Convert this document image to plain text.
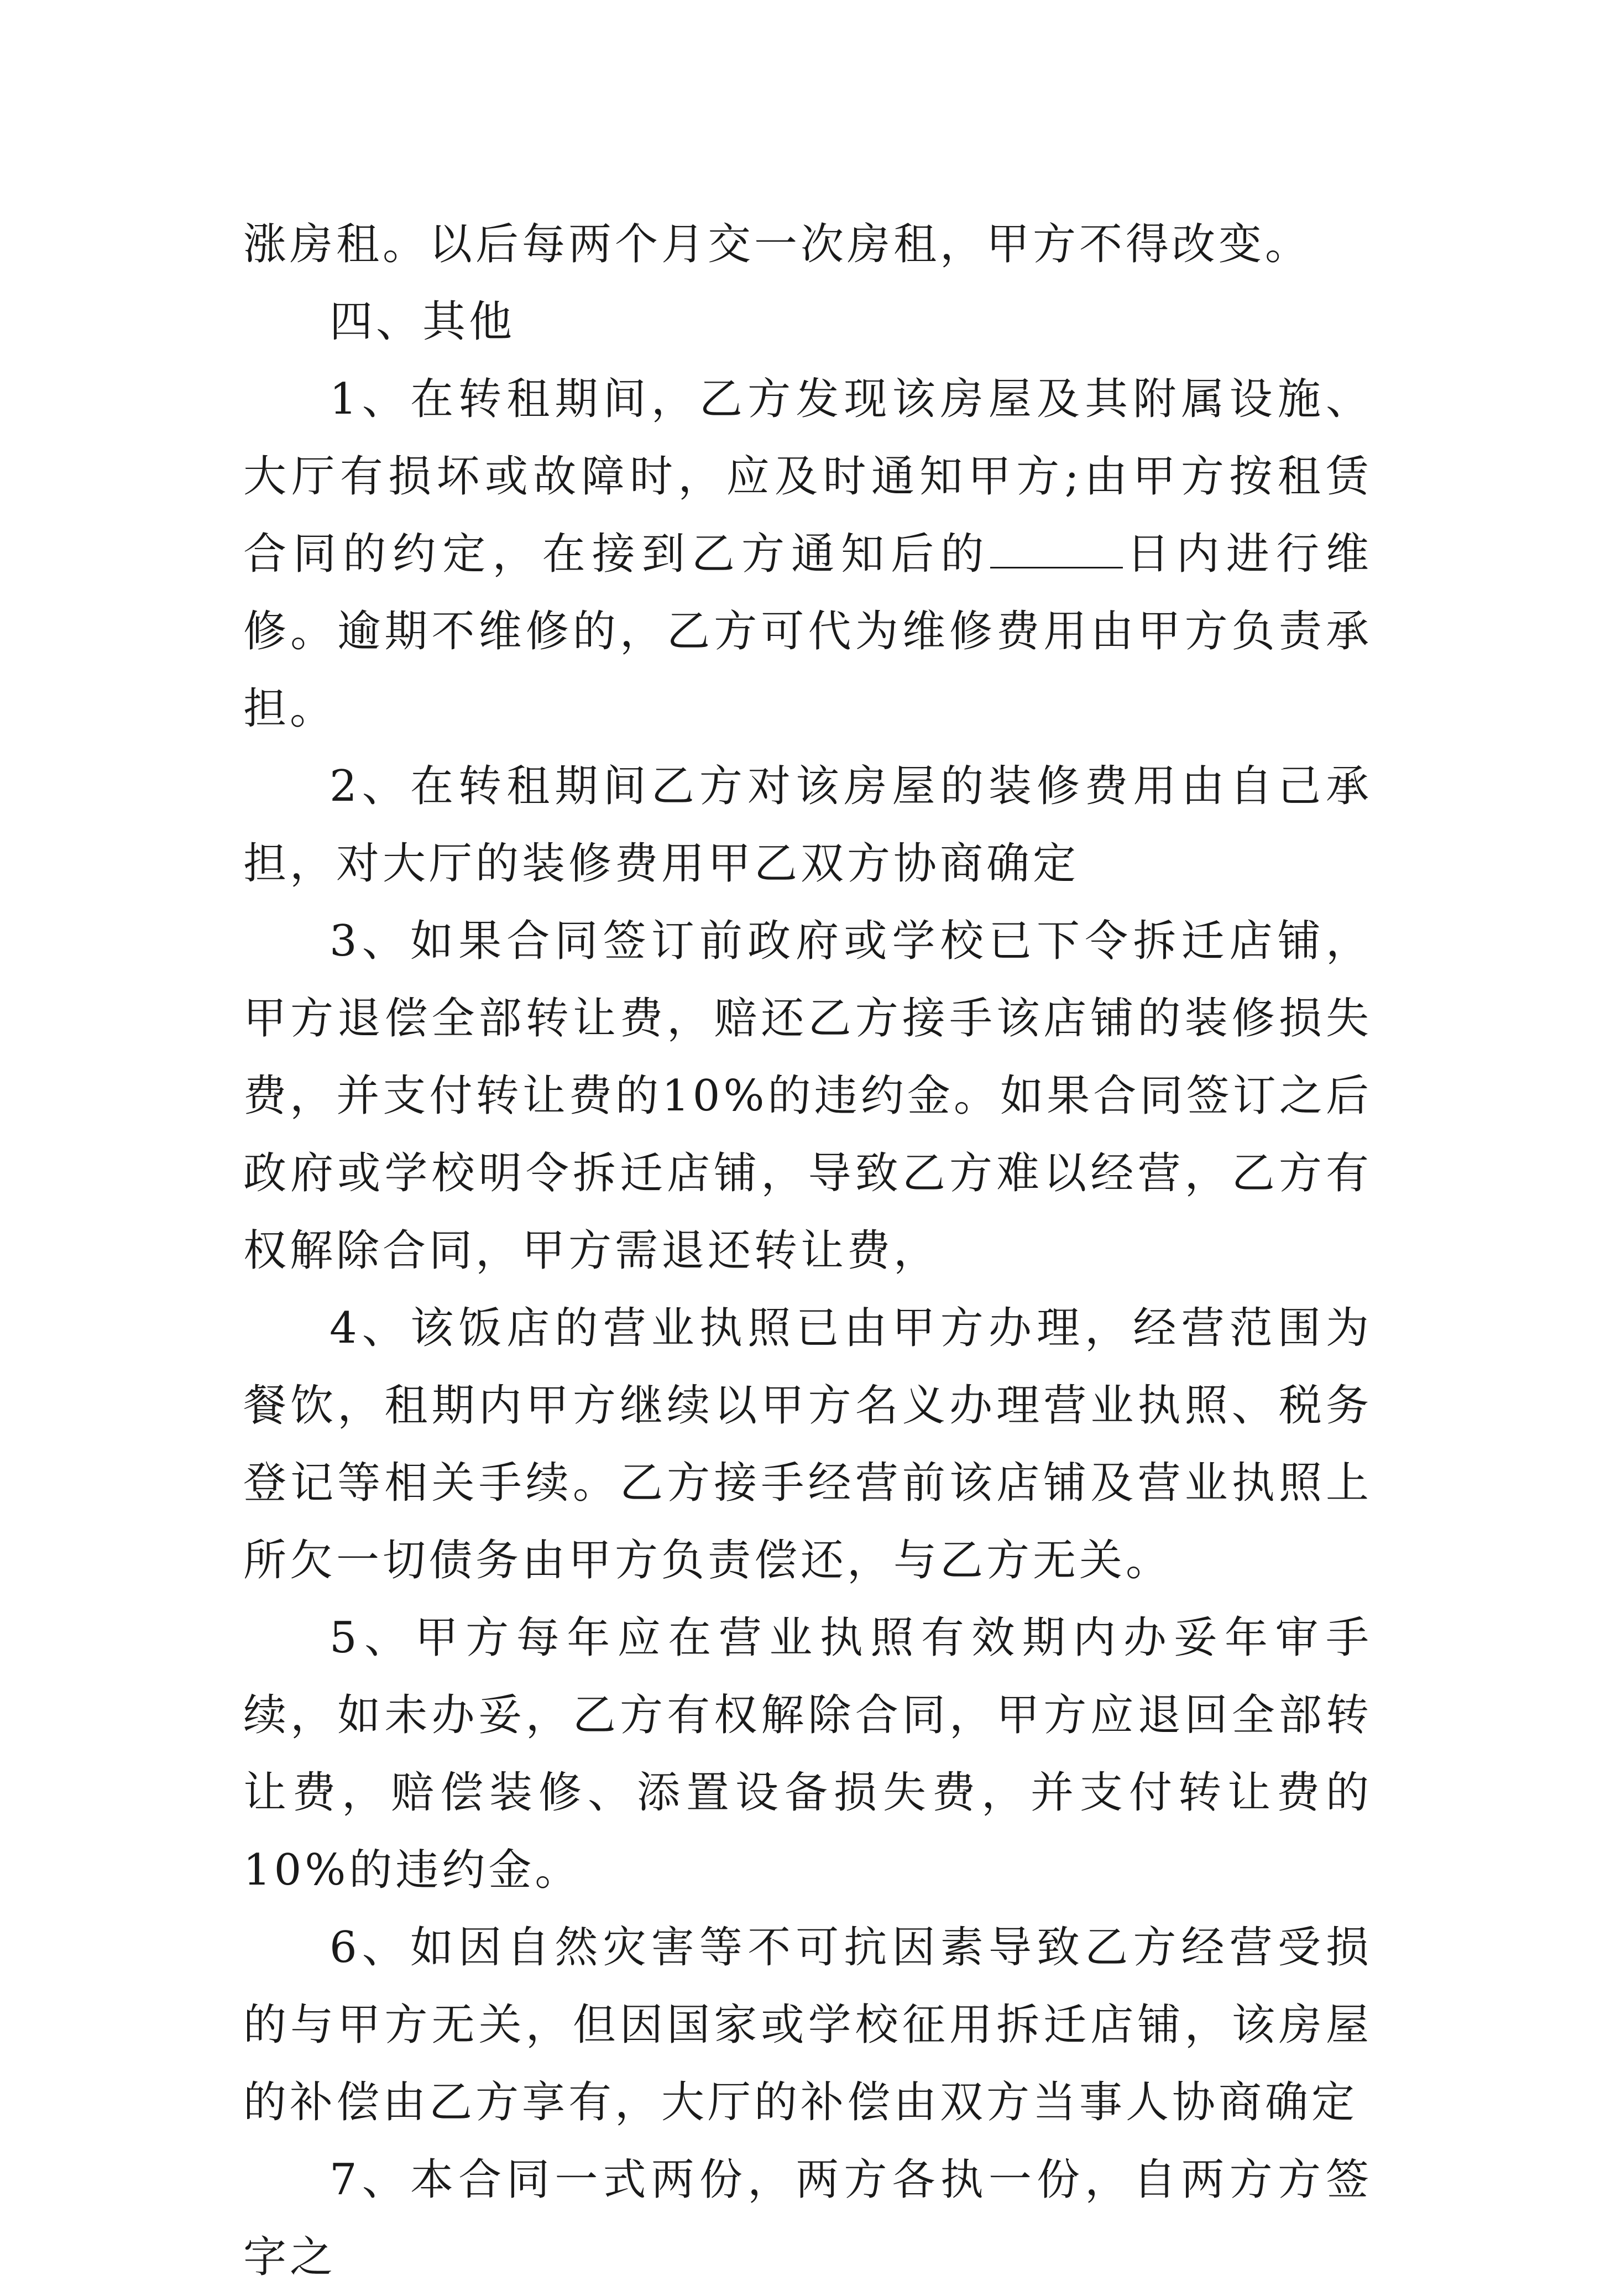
涨房租。以后每两个月交一次房租，甲方不得改变。

四、其他

1、在转租期间，乙方发现该房屋及其附属设施、大厅有损坏或故障时，应及时通知甲方;由甲方按租赁合同的约定，在接到乙方通知后的	日内进行维修。逾期不维修的，乙方可代为维修费用由甲方负责承担。

2、在转租期间乙方对该房屋的装修费用由自己承担，对大厅的装修费用甲乙双方协商确定

3、如果合同签订前政府或学校已下令拆迁店铺，甲方退偿全部转让费，赔还乙方接手该店铺的装修损失费，并支付转让费的10%的违约金。如果合同签订之后政府或学校明令拆迁店铺，导致乙方难以经营，乙方有权解除合同，甲方需退还转让费，

4、该饭店的营业执照已由甲方办理，经营范围为餐饮，租期内甲方继续以甲方名义办理营业执照、税务登记等相关手续。乙方接手经营前该店铺及营业执照上所欠一切债务由甲方负责偿还，与乙方无关。

5、甲方每年应在营业执照有效期内办妥年审手续，如未办妥，乙方有权解除合同，甲方应退回全部转让费，赔偿装修、添置设备损失费，并支付转让费的10%的违约金。

6、如因自然灾害等不可抗因素导致乙方经营受损的与甲方无关，但因国家或学校征用拆迁店铺，该房屋的补偿由乙方享有，大厅的补偿由双方当事人协商确定

7、本合同一式两份，两方各执一份，自两方方签字之
